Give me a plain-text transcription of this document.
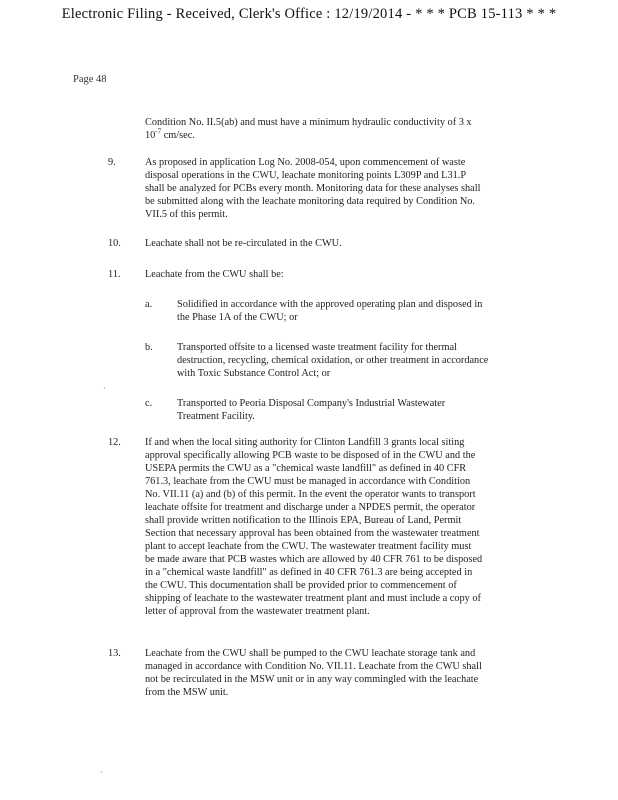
Electronic Filing - Received, Clerk's Office : 12/19/2014 - * * * PCB 15-113 * * *
Page 48
Condition No. II.5(ab) and must have a minimum hydraulic conductivity of 3 x
$10^{-7}$ cm/sec.
9.	As proposed in application Log No. 2008-054, upon commencement of waste
disposal operations in the CWU, leachate monitoring points L309P and L31.P
shall be analyzed for PCBs every month. Monitoring data for these analyses shall
be submitted along with the leachate monitoring data required by Condition No.
VII.5 of this permit.
10. Leachate shall not be re-circulated in the CWU.
11. Leachate from the CWU shall be:
a. Solidified in accordance with the approved operating plan and disposed in
the Phase 1A of the CWU; or
b. Transported offsite to a licensed waste treatment facility for thermal
destruction, recycling, chemical oxidation, or other treatment in accordance
with Toxic Substance Control Act; or
c. Transported to Peoria Disposal Company's Industrial Wastewater
Treatment Facility.
12. If and when the local siting authority for Clinton Landfill 3 grants local siting
approval specifically allowing PCB waste to be disposed of in the CWU and the
USEPA permits the CWU as a "chemical waste landfill" as defined in 40 CFR
761.3, leachate from the CWU must be managed in accordance with Condition
No. VII.11 (a) and (b) of this permit. In the event the operator wants to transport
leachate offsite for treatment and discharge under a NPDES permit, the operator
shall provide written notification to the Illinois EPA, Bureau of Land, Permit
Section that necessary approval has been obtained from the wastewater treatment
plant to accept leachate from the CWU. The wastewater treatment facility must
be made aware that PCB wastes which are allowed by 40 CFR 761 to be disposed
in a "chemical waste landfill" as defined in 40 CFR 761.3 are being accepted in
the CWU. This documentation shall be provided prior to commencement of
shipping of leachate to the wastewater treatment plant and must include a copy of
letter of approval from the wastewater treatment plant.
13. Leachate from the CWU shall be pumped to the CWU leachate storage tank and
managed in accordance with Condition No. VII.11. Leachate from the CWU shall
not be recirculated in the MSW unit or in any way commingled with the leachate
from the MSW unit.
·
·
